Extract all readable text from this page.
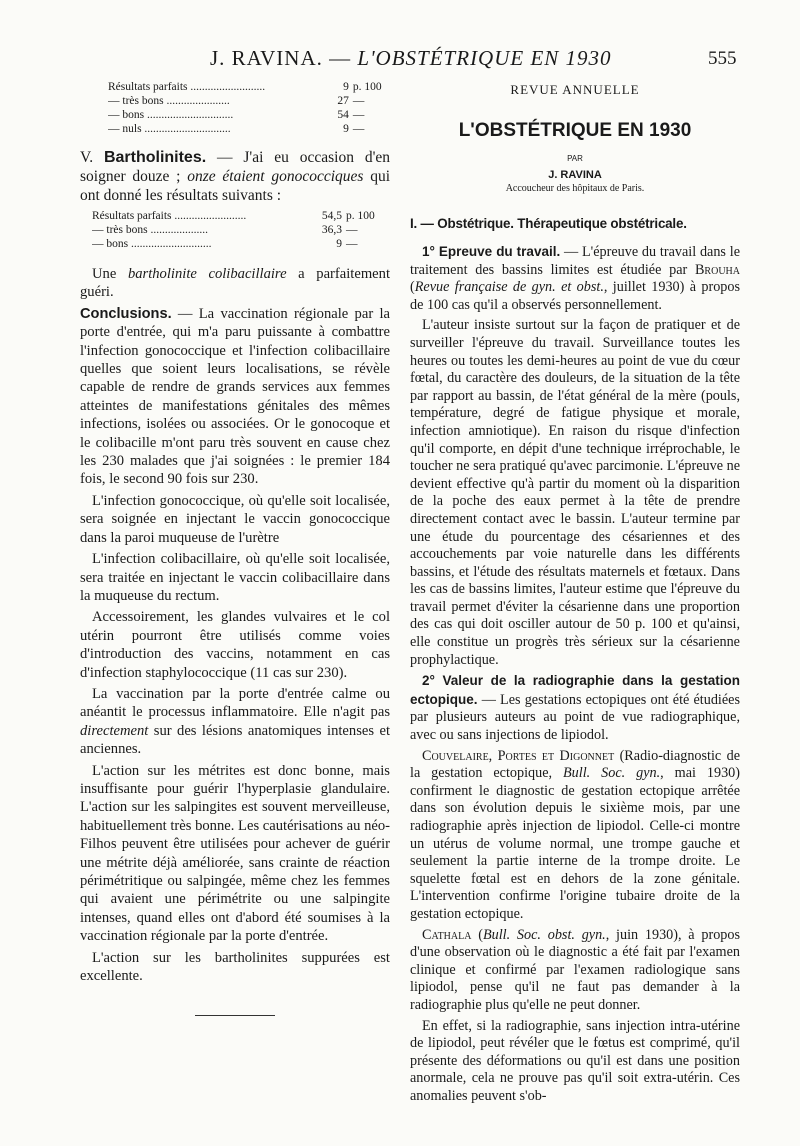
J. RAVINA. — L'OBSTÉTRIQUE EN 1930	555
Résultats parfaits ..........................	9 p. 100
— très bons ......................	27 —
— bons ..............................	54 —
— nuls ..............................	9 —

V. Bartholinites. — J'ai eu occasion d'en soigner douze ; onze étaient gonococciques qui ont donné les résultats suivants :

Résultats parfaits .........................	54,5 p. 100
— très bons ....................	36,3 —
— bons ............................	9 —

Une bartholinite colibacillaire a parfaitement guéri.

Conclusions. — La vaccination régionale par la porte d'entrée, qui m'a paru puissante à combattre l'infection gonococcique et l'infection colibacillaire quelles que soient leurs localisations, se révèle capable de rendre de grands services aux femmes atteintes de manifestations génitales des mêmes infections, isolées ou associées. Or le gonocoque et le colibacille m'ont paru très souvent en cause chez les 230 malades que j'ai soignées : le premier 184 fois, le second 90 fois sur 230.

L'infection gonococcique, où qu'elle soit localisée, sera soignée en injectant le vaccin gonococcique dans la paroi muqueuse de l'urètre

L'infection colibacillaire, où qu'elle soit localisée, sera traitée en injectant le vaccin colibacillaire dans la muqueuse du rectum.

Accessoirement, les glandes vulvaires et le col utérin pourront être utilisés comme voies d'introduction des vaccins, notamment en cas d'infection staphylococcique (11 cas sur 230).

La vaccination par la porte d'entrée calme ou anéantit le processus inflammatoire. Elle n'agit pas directement sur des lésions anatomiques intenses et anciennes.

L'action sur les métrites est donc bonne, mais insuffisante pour guérir l'hyperplasie glandulaire. L'action sur les salpingites est souvent merveilleuse, habituellement très bonne. Les cautérisations au néo-Filhos peuvent être utilisées pour achever de guérir une métrite déjà améliorée, sans crainte de réaction périmétritique ou salpingée, même chez les femmes qui avaient une périmétrite ou une salpingite intenses, quand elles ont d'abord été soumises à la vaccination régionale par la porte d'entrée.

L'action sur les bartholinites suppurées est excellente.

REVUE ANNUELLE
L'OBSTÉTRIQUE EN 1930
PAR
J. RAVINA
Accoucheur des hôpitaux de Paris.
I. — Obstétrique. Thérapeutique obstétricale.

1° Epreuve du travail. — L'épreuve du travail dans le traitement des bassins limites est étudiée par Brouha (Revue française de gyn. et obst., juillet 1930) à propos de 100 cas qu'il a observés personnellement.

L'auteur insiste surtout sur la façon de pratiquer et de surveiller l'épreuve du travail. Surveillance toutes les heures ou toutes les demi-heures au point de vue du cœur fœtal, du caractère des douleurs, de la situation de la tête par rapport au bassin, de l'état général de la mère (pouls, température, degré de fatigue physique et morale, infection amniotique). En raison du risque d'infection qu'il comporte, en dépit d'une technique irréprochable, le toucher ne sera pratiqué qu'avec parcimonie. L'épreuve ne devient effective qu'à partir du moment où la disparition de la poche des eaux permet à la tête de prendre directement contact avec le bassin. L'auteur termine par une étude du pourcentage des césariennes et des accouchements par voie naturelle dans les différents bassins, et l'étude des résultats maternels et fœtaux. Dans les cas de bassins limites, l'auteur estime que l'épreuve du travail permet d'éviter la césarienne dans une proportion des cas qui doit osciller autour de 50 p. 100 et qu'ainsi, elle constitue un progrès très sérieux sur la césarienne prophylactique.

2° Valeur de la radiographie dans la gestation ectopique. — Les gestations ectopiques ont été étudiées par plusieurs auteurs au point de vue radiographique, avec ou sans injections de lipiodol.

Couvelaire, Portes et Digonnet (Radio-diagnostic de la gestation ectopique, Bull. Soc. gyn., mai 1930) confirment le diagnostic de gestation ectopique arrêtée dans son évolution depuis le sixième mois, par une radiographie après injection de lipiodol. Celle-ci montre un utérus de volume normal, une trompe gauche et seulement la partie interne de la trompe droite. Le squelette fœtal est en dehors de la zone génitale. L'intervention confirme l'origine tubaire droite de la gestation ectopique.

Cathala (Bull. Soc. obst. gyn., juin 1930), à propos d'une observation où le diagnostic a été fait par l'examen clinique et confirmé par l'examen radiologique sans lipiodol, pense qu'il ne faut pas demander à la radiographie plus qu'elle ne peut donner.

En effet, si la radiographie, sans injection intra-utérine de lipiodol, peut révéler que le fœtus est comprimé, qu'il présente des déformations ou qu'il est dans une position anormale, cela ne prouve pas qu'il soit extra-utérin. Ces anomalies peuvent s'ob-
